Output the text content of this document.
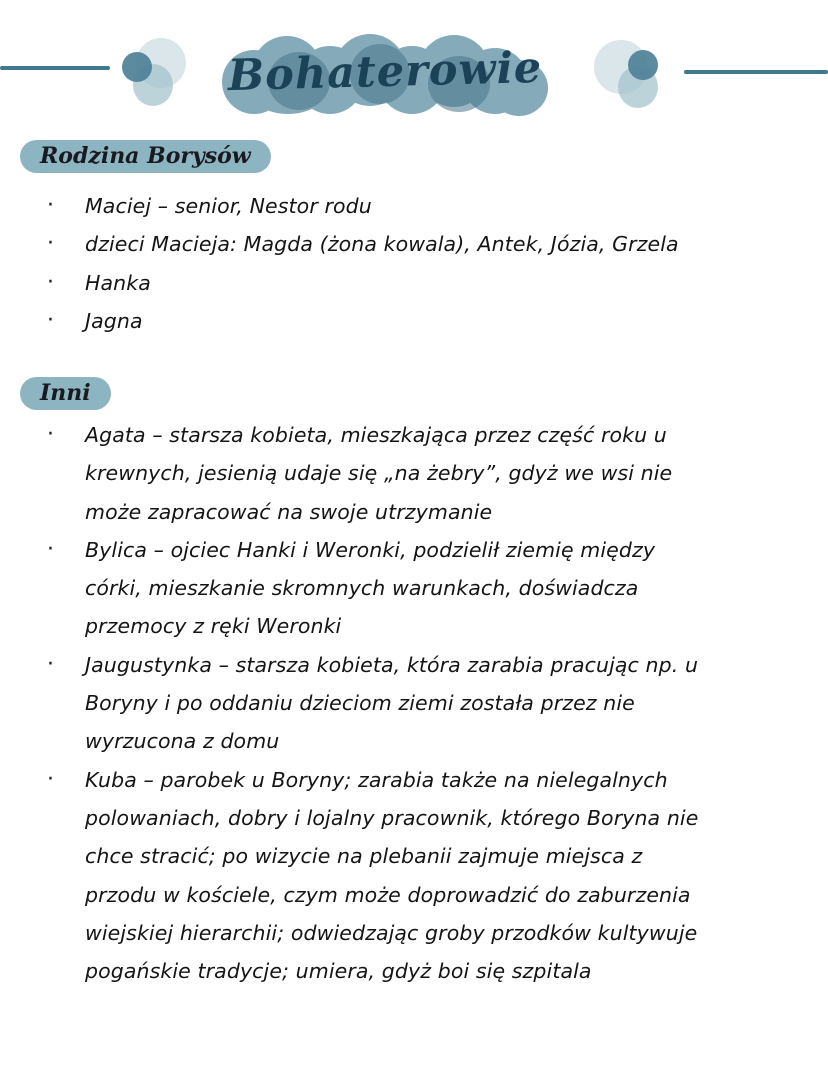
Bohaterowie
Rodzina Borysów
·	Maciej – senior, Nestor rodu
·	dzieci Macieja: Magda (żona kowala), Antek, Józia, Grzela
·	Hanka
·	Jagna
Inni
·	Agata – starsza kobieta, mieszkająca przez część roku u
krewnych, jesienią udaje się „na żebry”, gdyż we wsi nie
może zapracować na swoje utrzymanie
·	Bylica – ojciec Hanki i Weronki, podzielił ziemię między
córki, mieszkanie skromnych warunkach, doświadcza
przemocy z ręki Weronki
·	Jaugustynka – starsza kobieta, która zarabia pracując np. u
Boryny i po oddaniu dzieciom ziemi została przez nie
wyrzucona z domu
·	Kuba – parobek u Boryny; zarabia także na nielegalnych
polowaniach, dobry i lojalny pracownik, którego Boryna nie
chce stracić; po wizycie na plebanii zajmuje miejsca z
przodu w kościele, czym może doprowadzić do zaburzenia
wiejskiej hierarchii; odwiedzając groby przodków kultywuje
pogańskie tradycje; umiera, gdyż boi się szpitala
